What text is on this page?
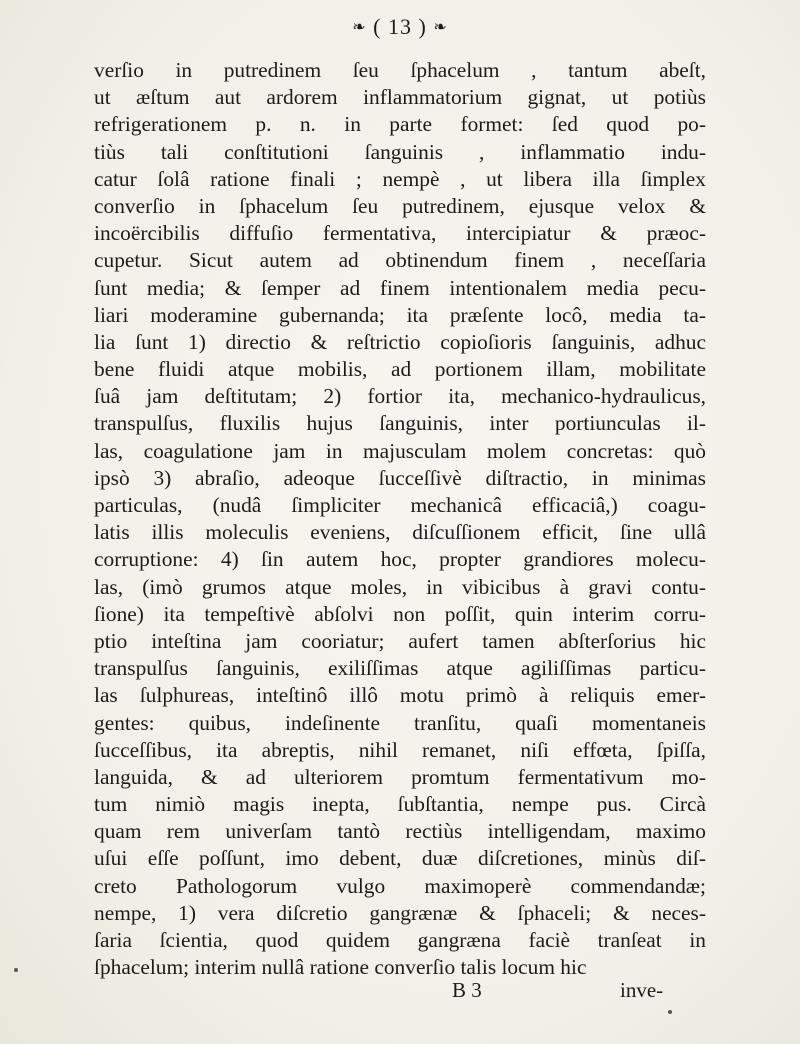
❧ ( 13 ) ❧
verſio in putredinem ſeu ſphacelum , tantum abeſt,
ut æſtum aut ardorem inflammatorium gignat, ut potiùs
refrigerationem p. n. in parte formet: ſed quod po-
tiùs tali conſtitutioni ſanguinis , inflammatio indu-
catur ſolâ ratione finali ; nempè , ut libera illa ſimplex
converſio in ſphacelum ſeu putredinem, ejusque velox &
incoërcibilis diffuſio fermentativa, intercipiatur & præoc-
cupetur. Sicut autem ad obtinendum finem , neceſſaria
ſunt media; & ſemper ad finem intentionalem media pecu-
liari moderamine gubernanda; ita præſente locô, media ta-
lia ſunt 1) directio & reſtrictio copioſioris ſanguinis, adhuc
bene fluidi atque mobilis, ad portionem illam, mobilitate
ſuâ jam deſtitutam; 2) fortior ita, mechanico-hydraulicus,
transpulſus, fluxilis hujus ſanguinis, inter portiunculas il-
las, coagulatione jam in majusculam molem concretas: quò
ipsò 3) abraſio, adeoque ſucceſſivè diſtractio, in minimas
particulas, (nudâ ſimpliciter mechanicâ efficaciâ,) coagu-
latis illis moleculis eveniens, diſcuſſionem efficit, ſine ullâ
corruptione: 4) ſin autem hoc, propter grandiores molecu-
las, (imò grumos atque moles, in vibicibus à gravi contu-
ſione) ita tempeſtivè abſolvi non poſſit, quin interim corru-
ptio inteſtina jam cooriatur; aufert tamen abſterſorius hic
transpulſus ſanguinis, exiliſſimas atque agiliſſimas particu-
las ſulphureas, inteſtinô illô motu primò à reliquis emer-
gentes: quibus, indeſinente tranſitu, quaſi momentaneis
ſucceſſibus, ita abreptis, nihil remanet, niſi effœta, ſpiſſa,
languida, & ad ulteriorem promtum fermentativum mo-
tum nimiò magis inepta, ſubſtantia, nempe pus. Circà
quam rem univerſam tantò rectiùs intelligendam, maximo
uſui eſſe poſſunt, imo debent, duæ diſcretiones, minùs diſ-
creto Pathologorum vulgo maximoperè commendandæ;
nempe, 1) vera diſcretio gangrænæ & ſphaceli; & neces-
ſaria ſcientia, quod quidem gangræna faciè tranſeat in
ſphacelum; interim nullâ ratione converſio talis locum hic
B 3	inve-
